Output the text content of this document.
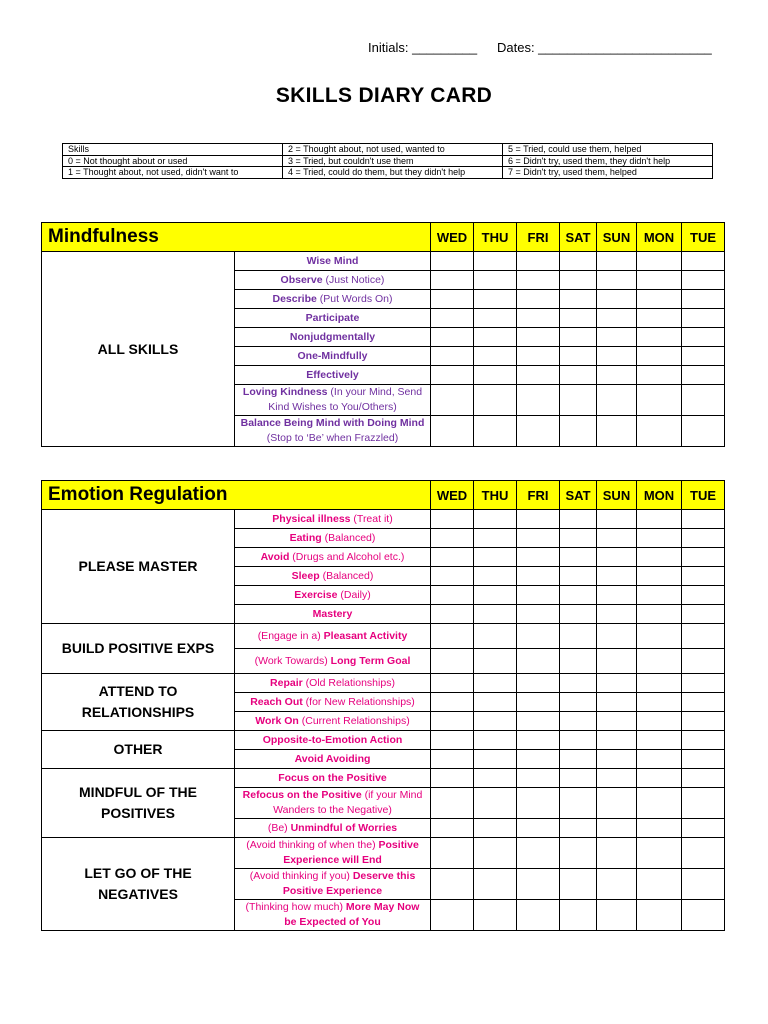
Initials: _________ Dates: ________________________
SKILLS DIARY CARD
Skills	2 = Thought about, not used, wanted to	5 = Tried, could use them, helped
0 = Not thought about or used	3 = Tried, but couldn't use them	6 = Didn't try, used them, they didn't help
1 = Thought about, not used, didn't want to	4 = Tried, could do them, but they didn't help	7 = Didn't try, used them, helped
Mindfulness		WED	THU	FRI	SAT	SUN	MON	TUE
ALL SKILLS	Wise Mind							
	Observe (Just Notice)							
	Describe (Put Words On)							
	Participate							
	Nonjudgmentally							
	One-Mindfully							
	Effectively							
	Loving Kindness (In your Mind, Send Kind Wishes to You/Others)							
	Balance Being Mind with Doing Mind (Stop to ‘Be’ when Frazzled)							
Emotion Regulation		WED	THU	FRI	SAT	SUN	MON	TUE
PLEASE MASTER	Physical illness (Treat it)							
	Eating (Balanced)							
	Avoid (Drugs and Alcohol etc.)							
	Sleep (Balanced)							
	Exercise (Daily)							
	Mastery							
BUILD POSITIVE EXPS	(Engage in a) Pleasant Activity							
	(Work Towards) Long Term Goal							
ATTEND TO RELATIONSHIPS	Repair (Old Relationships)							
	Reach Out (for New Relationships)							
	Work On (Current Relationships)							
OTHER	Opposite-to-Emotion Action							
	Avoid Avoiding							
MINDFUL OF THE POSITIVES	Focus on the Positive							
	Refocus on the Positive (if your Mind Wanders to the Negative)							
	(Be) Unmindful of Worries							
LET GO OF THE NEGATIVES	(Avoid thinking of when the) Positive Experience will End							
	(Avoid thinking if you) Deserve this Positive Experience							
	(Thinking how much) More May Now be Expected of You							
